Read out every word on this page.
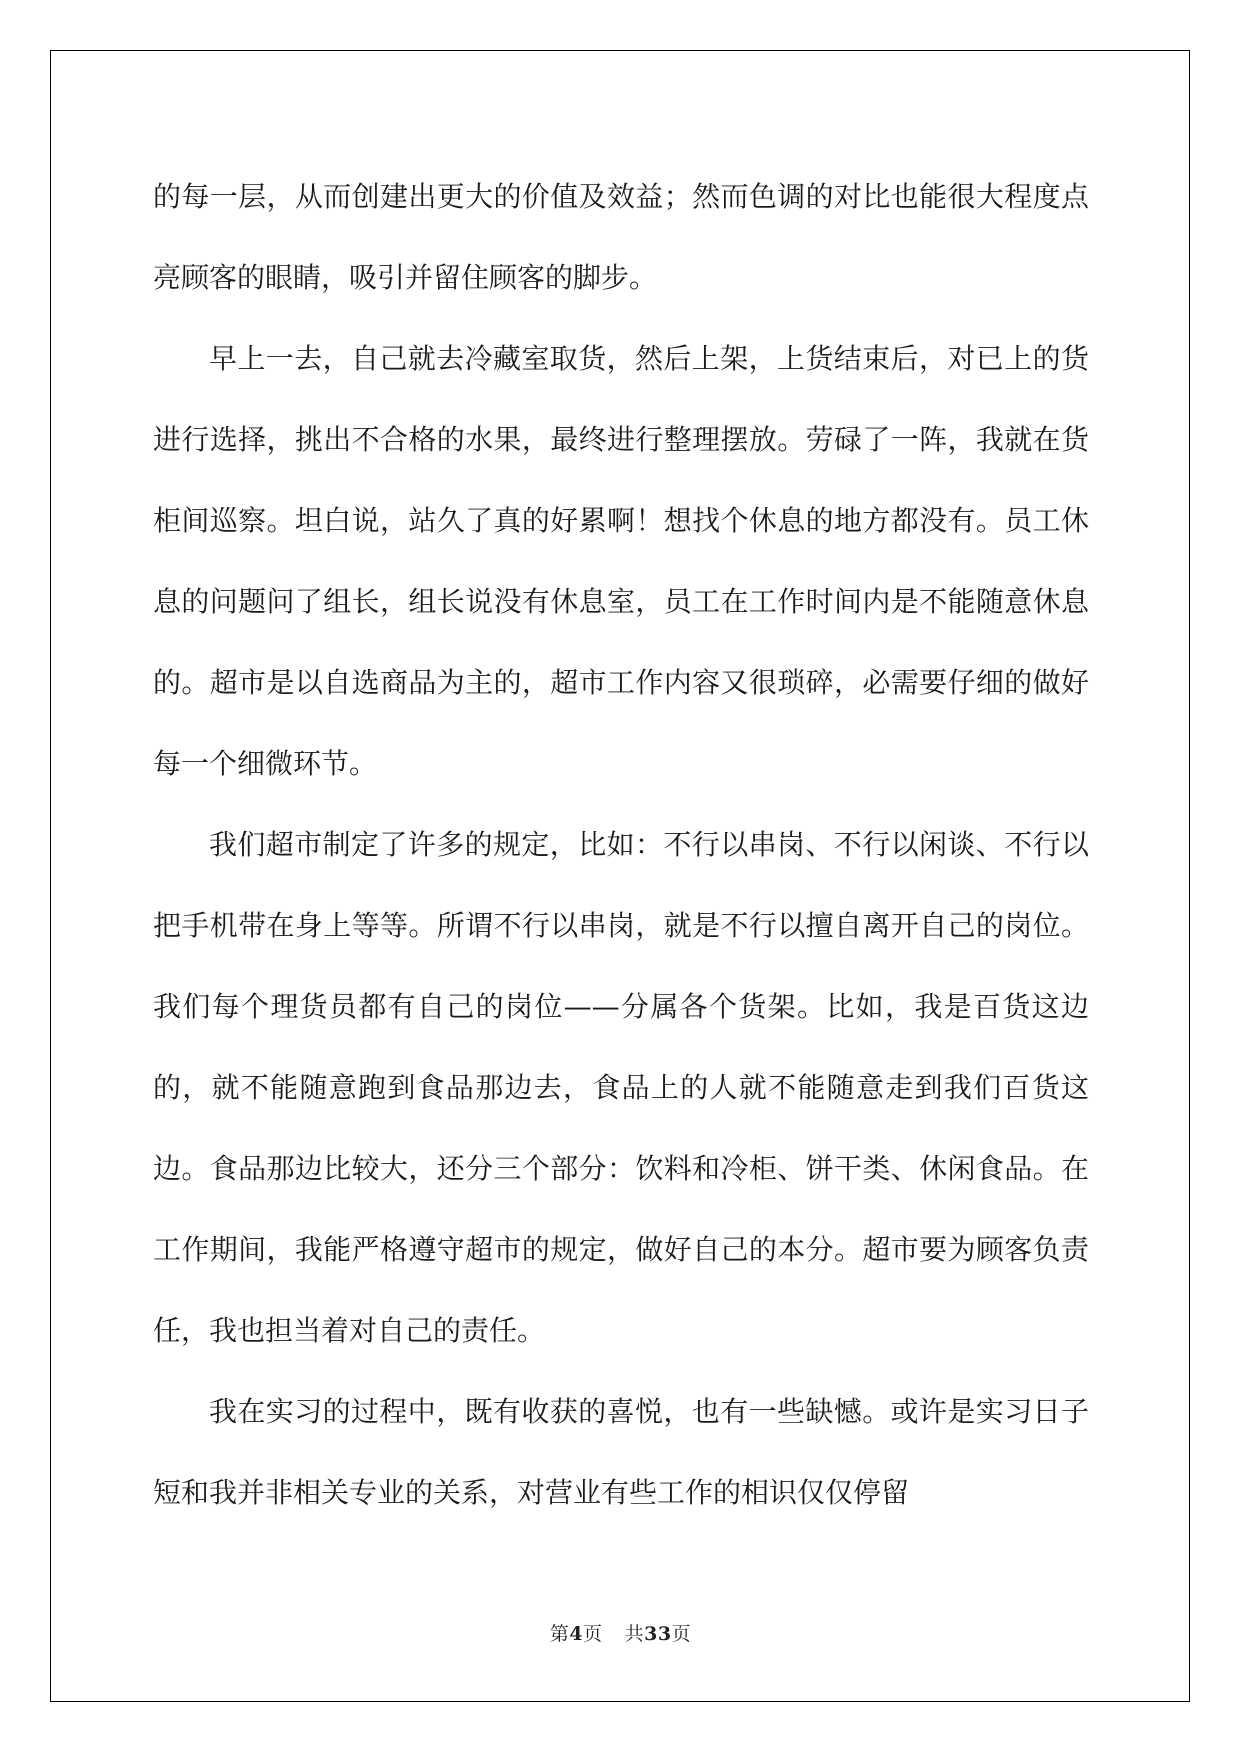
的每一层，从而创建出更大的价值及效益；然而色调的对比也能很大程度点亮顾客的眼睛，吸引并留住顾客的脚步。

早上一去，自己就去冷藏室取货，然后上架，上货结束后，对已上的货进行选择，挑出不合格的水果，最终进行整理摆放。劳碌了一阵，我就在货柜间巡察。坦白说，站久了真的好累啊！想找个休息的地方都没有。员工休息的问题问了组长，组长说没有休息室，员工在工作时间内是不能随意休息的。超市是以自选商品为主的，超市工作内容又很琐碎，必需要仔细的做好每一个细微环节。

我们超市制定了许多的规定，比如：不行以串岗、不行以闲谈、不行以把手机带在身上等等。所谓不行以串岗，就是不行以擅自离开自己的岗位。我们每个理货员都有自己的岗位——分属各个货架。比如，我是百货这边的，就不能随意跑到食品那边去，食品上的人就不能随意走到我们百货这边。食品那边比较大，还分三个部分：饮料和冷柜、饼干类、休闲食品。在工作期间，我能严格遵守超市的规定，做好自己的本分。超市要为顾客负责任，我也担当着对自己的责任。

我在实习的过程中，既有收获的喜悦，也有一些缺憾。或许是实习日子短和我并非相关专业的关系，对营业有些工作的相识仅仅停留

第4页 共33页
